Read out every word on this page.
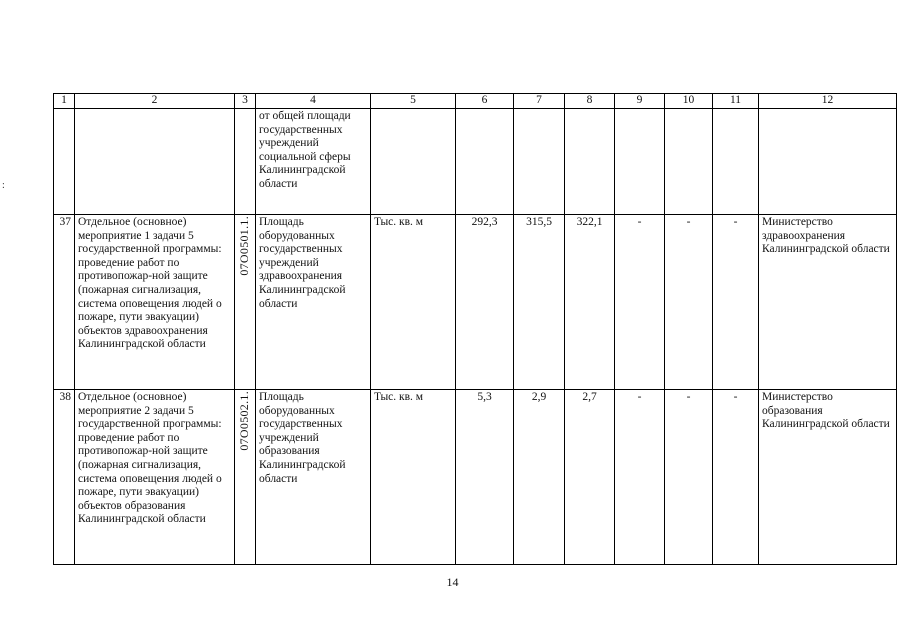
:
1	2	3	4	5	6	7	8	9	10	11	12
			от общей площади государственных учреждений социальной сферы Калининградской области								
37	Отдельное (основное) мероприятие 1 задачи 5 государственной программы: проведение работ по противопожар-ной защите (пожарная сигнализация, система оповещения людей о пожаре, пути эвакуации) объектов здравоохранения Калининградской области	07О0501.1.	Площадь оборудованных государственных учреждений здравоохранения Калининградской области	Тыс. кв. м	292,3	315,5	322,1	-	-	-	Министерство здравоохранения Калининградской области
38	Отдельное (основное) мероприятие 2 задачи 5 государственной программы: проведение работ по противопожар-ной защите (пожарная сигнализация, система оповещения людей о пожаре, пути эвакуации) объектов образования Калининградской области	07О0502.1.	Площадь оборудованных государственных учреждений образования Калининградской области	Тыс. кв. м	5,3	2,9	2,7	-	-	-	Министерство образования Калининградской области
14
